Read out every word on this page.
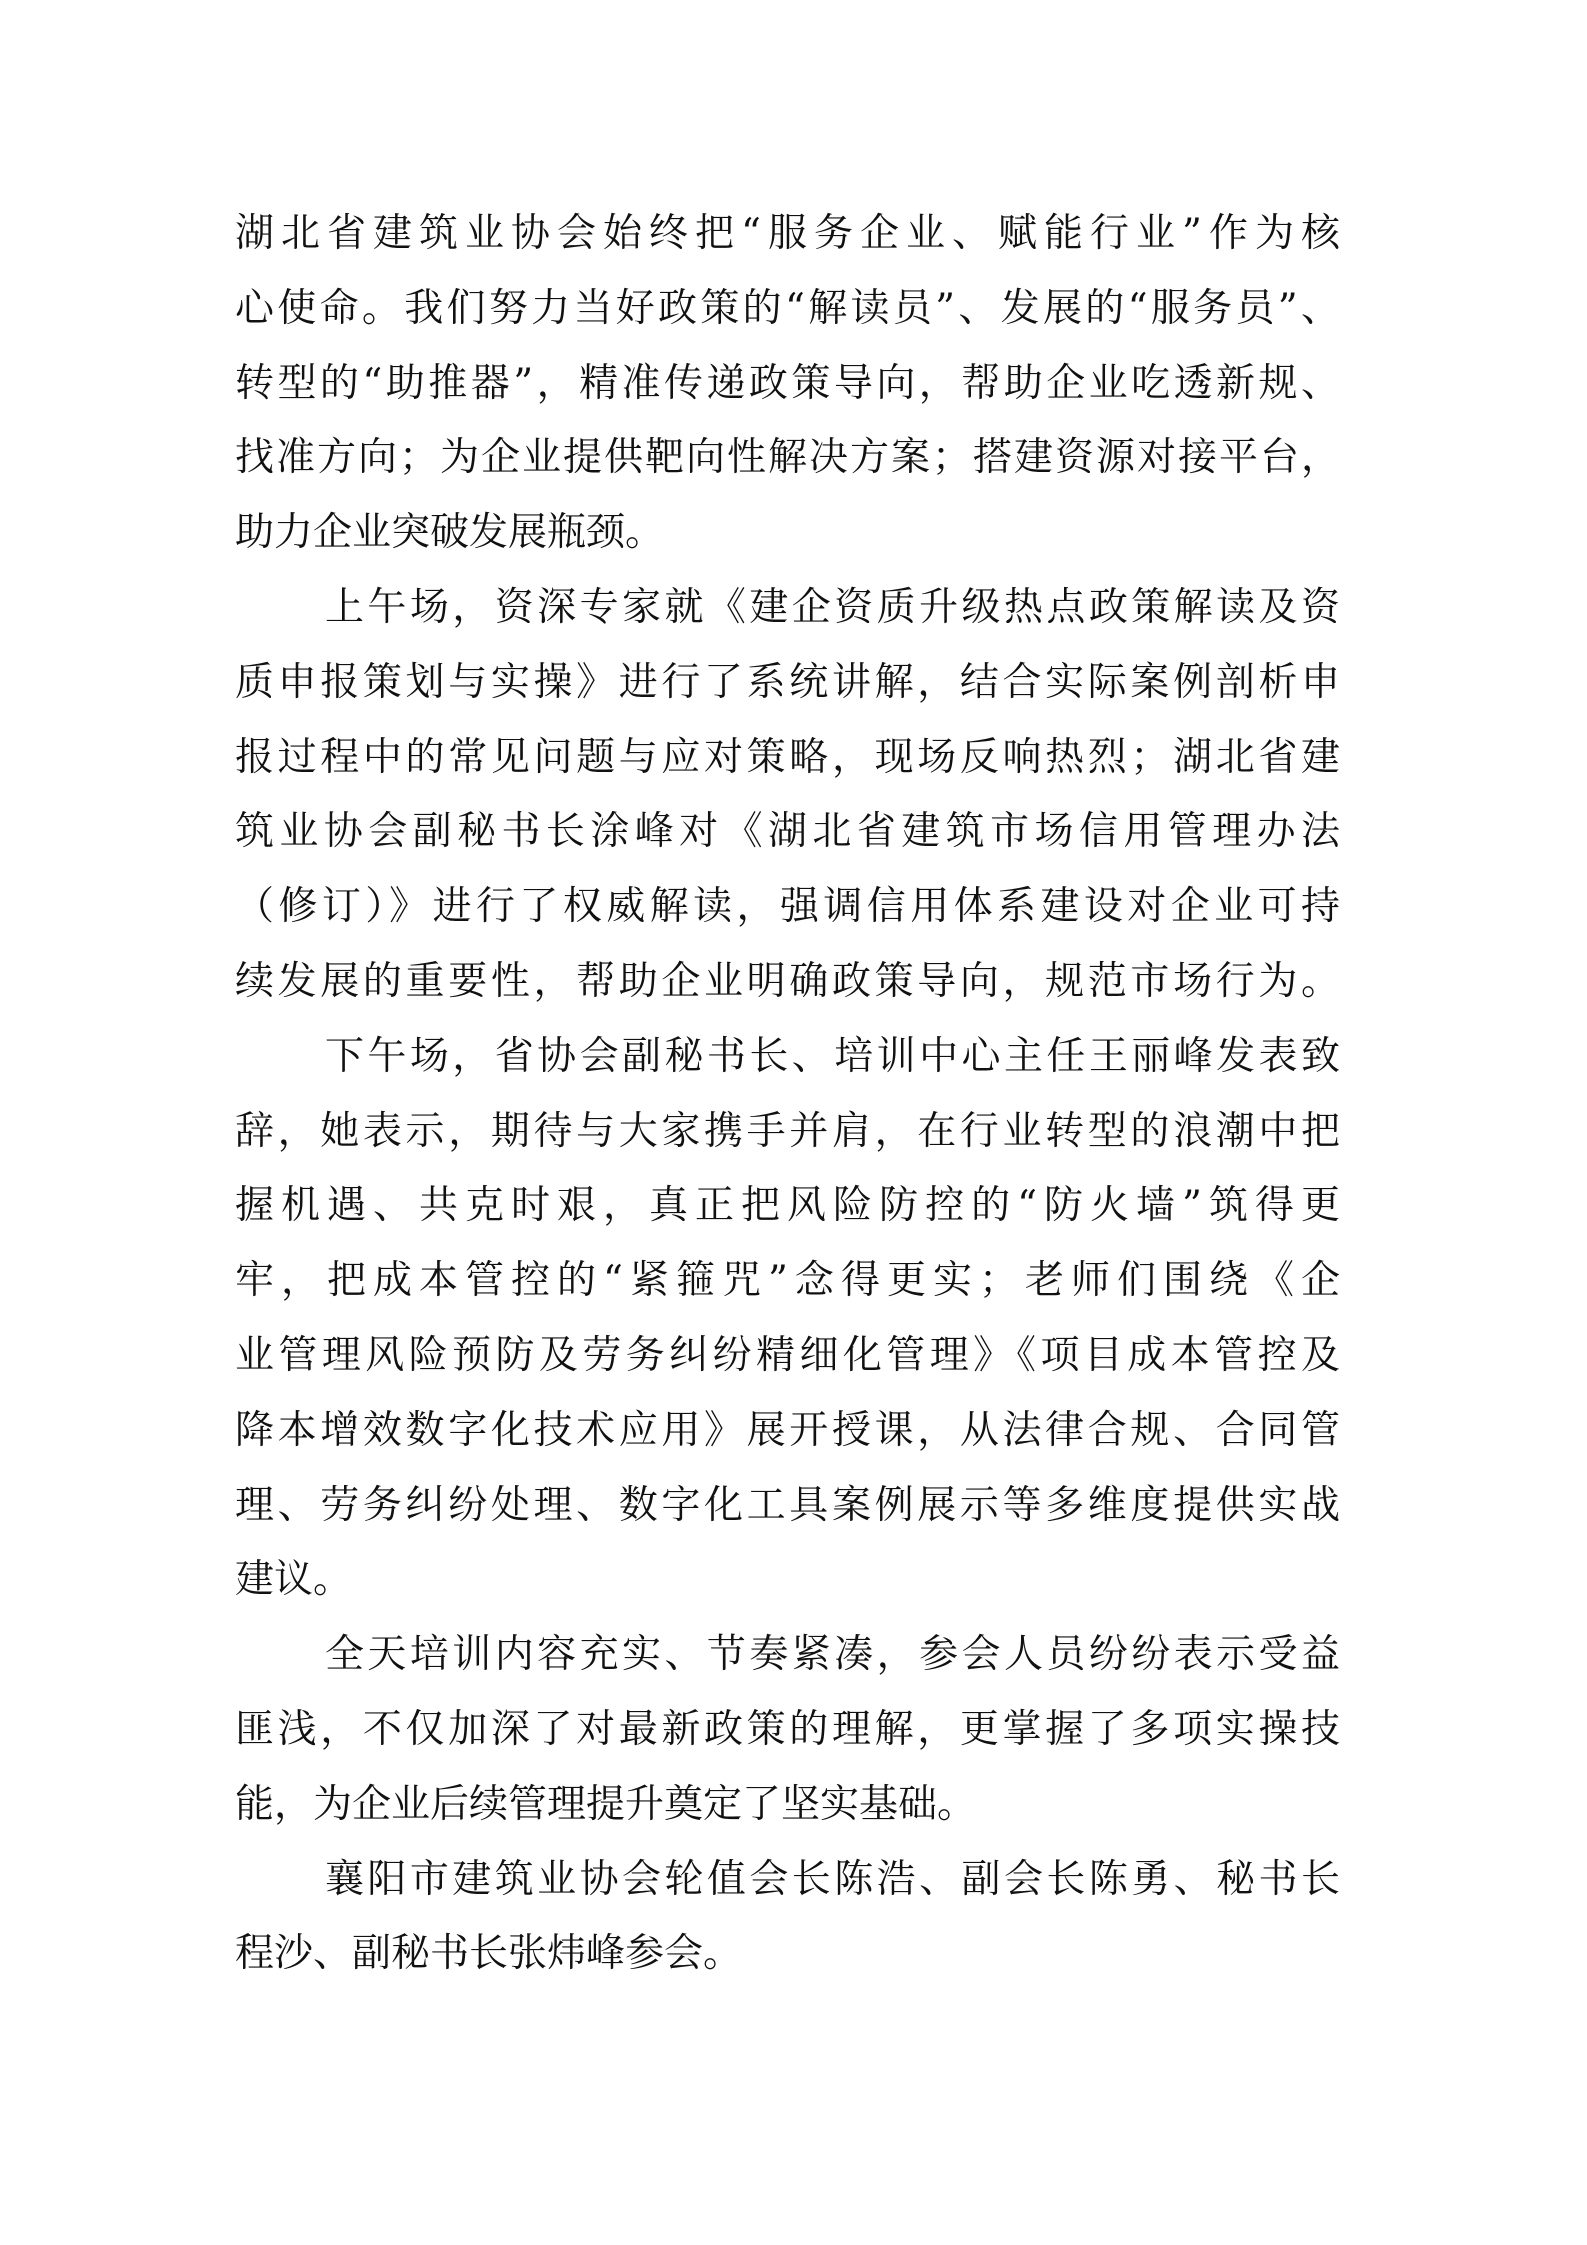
湖北省建筑业协会始终把“服务企业、赋能行业”作为核
心使命。我们努力当好政策的“解读员”、发展的“服务员”、
转型的“助推器”，精准传递政策导向，帮助企业吃透新规、
找准方向；为企业提供靶向性解决方案；搭建资源对接平台，
助力企业突破发展瓶颈。
上午场，资深专家就《建企资质升级热点政策解读及资
质申报策划与实操》进行了系统讲解，结合实际案例剖析申
报过程中的常见问题与应对策略，现场反响热烈；湖北省建
筑业协会副秘书长涂峰对《湖北省建筑市场信用管理办法
（修订）》进行了权威解读，强调信用体系建设对企业可持
续发展的重要性，帮助企业明确政策导向，规范市场行为。
下午场，省协会副秘书长、培训中心主任王丽峰发表致
辞，她表示，期待与大家携手并肩，在行业转型的浪潮中把
握机遇、共克时艰，真正把风险防控的“防火墙”筑得更
牢，把成本管控的“紧箍咒”念得更实；老师们围绕《企
业管理风险预防及劳务纠纷精细化管理》《项目成本管控及
降本增效数字化技术应用》展开授课，从法律合规、合同管
理、劳务纠纷处理、数字化工具案例展示等多维度提供实战
建议。
全天培训内容充实、节奏紧凑，参会人员纷纷表示受益
匪浅，不仅加深了对最新政策的理解，更掌握了多项实操技
能，为企业后续管理提升奠定了坚实基础。
襄阳市建筑业协会轮值会长陈浩、副会长陈勇、秘书长
程沙、副秘书长张炜峰参会。
